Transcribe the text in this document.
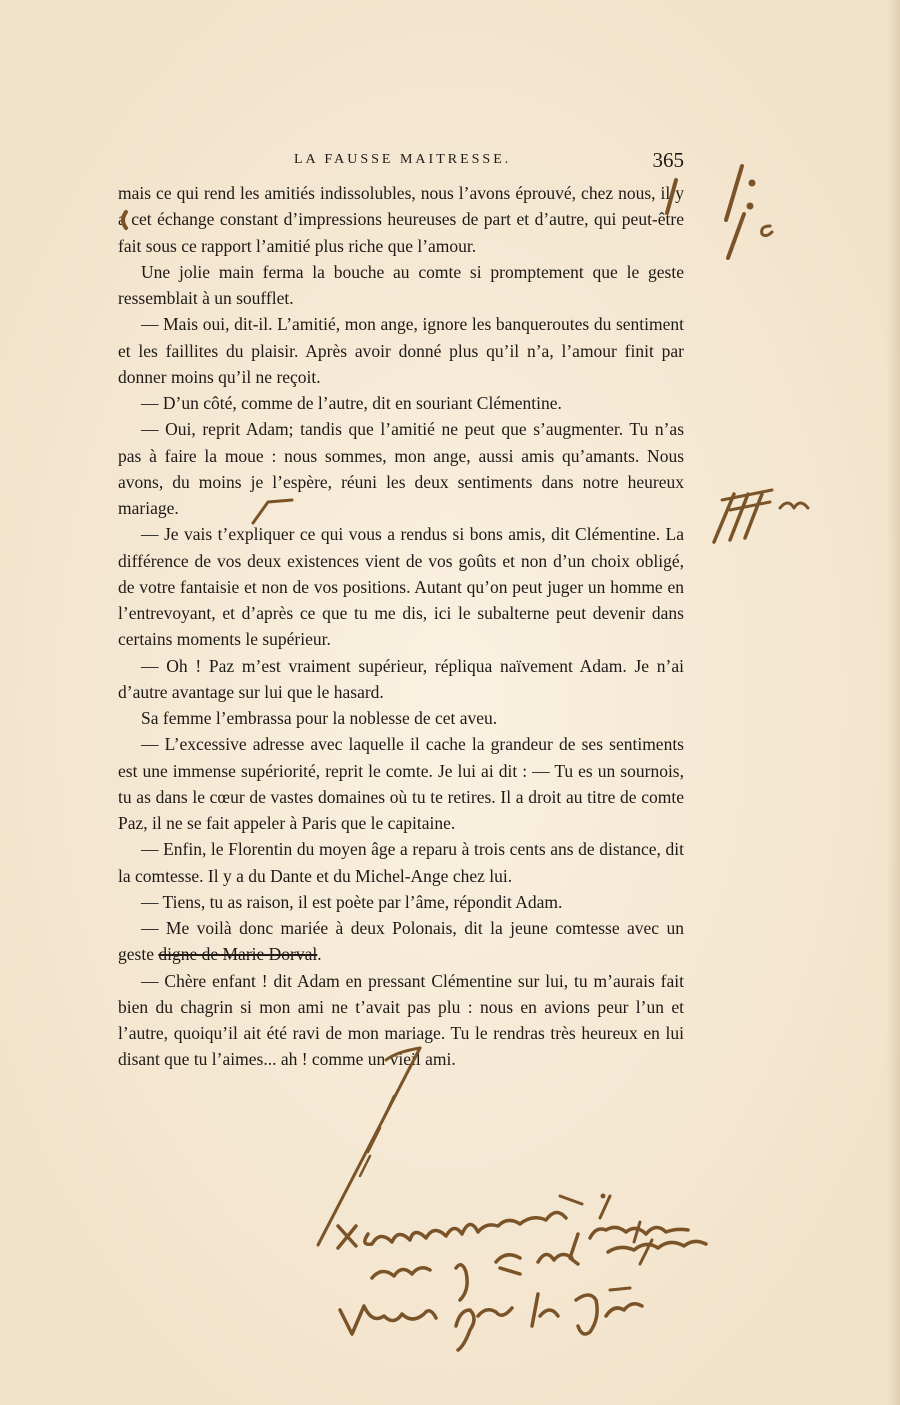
LA FAUSSE MAITRESSE.	365

mais ce qui rend les amitiés indissolubles, nous l’avons éprouvé, chez nous, il y a cet échange constant d’impressions heureuses de part et d’autre, qui peut-être fait sous ce rapport l’amitié plus riche que l’amour.

Une jolie main ferma la bouche au comte si promptement que le geste ressemblait à un soufflet.

— Mais oui, dit-il. L’amitié, mon ange, ignore les banqueroutes du sentiment et les faillites du plaisir. Après avoir donné plus qu’il n’a, l’amour finit par donner moins qu’il ne reçoit.

— D’un côté, comme de l’autre, dit en souriant Clémentine.

— Oui, reprit Adam; tandis que l’amitié ne peut que s’augmenter. Tu n’as pas à faire la moue : nous sommes, mon ange, aussi amis qu’amants. Nous avons, du moins je l’espère, réuni les deux sentiments dans notre heureux mariage.

— Je vais t’expliquer ce qui vous a rendus si bons amis, dit Clémentine. La différence de vos deux existences vient de vos goûts et non d’un choix obligé, de votre fantaisie et non de vos positions. Autant qu’on peut juger un homme en l’entrevoyant, et d’après ce que tu me dis, ici le subalterne peut devenir dans certains moments le supérieur.

— Oh ! Paz m’est vraiment supérieur, répliqua naïvement Adam. Je n’ai d’autre avantage sur lui que le hasard.

Sa femme l’embrassa pour la noblesse de cet aveu.

— L’excessive adresse avec laquelle il cache la grandeur de ses sentiments est une immense supériorité, reprit le comte. Je lui ai dit : — Tu es un sournois, tu as dans le cœur de vastes domaines où tu te retires. Il a droit au titre de comte Paz, il ne se fait appeler à Paris que le capitaine.

— Enfin, le Florentin du moyen âge a reparu à trois cents ans de distance, dit la comtesse. Il y a du Dante et du Michel-Ange chez lui.

— Tiens, tu as raison, il est poète par l’âme, répondit Adam.

— Me voilà donc mariée à deux Polonais, dit la jeune comtesse avec un geste digne de Marie Dorval.

— Chère enfant ! dit Adam en pressant Clémentine sur lui, tu m’aurais fait bien du chagrin si mon ami ne t’avait pas plu : nous en avions peur l’un et l’autre, quoiqu’il ait été ravi de mon mariage. Tu le rendras très heureux en lui disant que tu l’aimes... ah ! comme un vieil ami.
